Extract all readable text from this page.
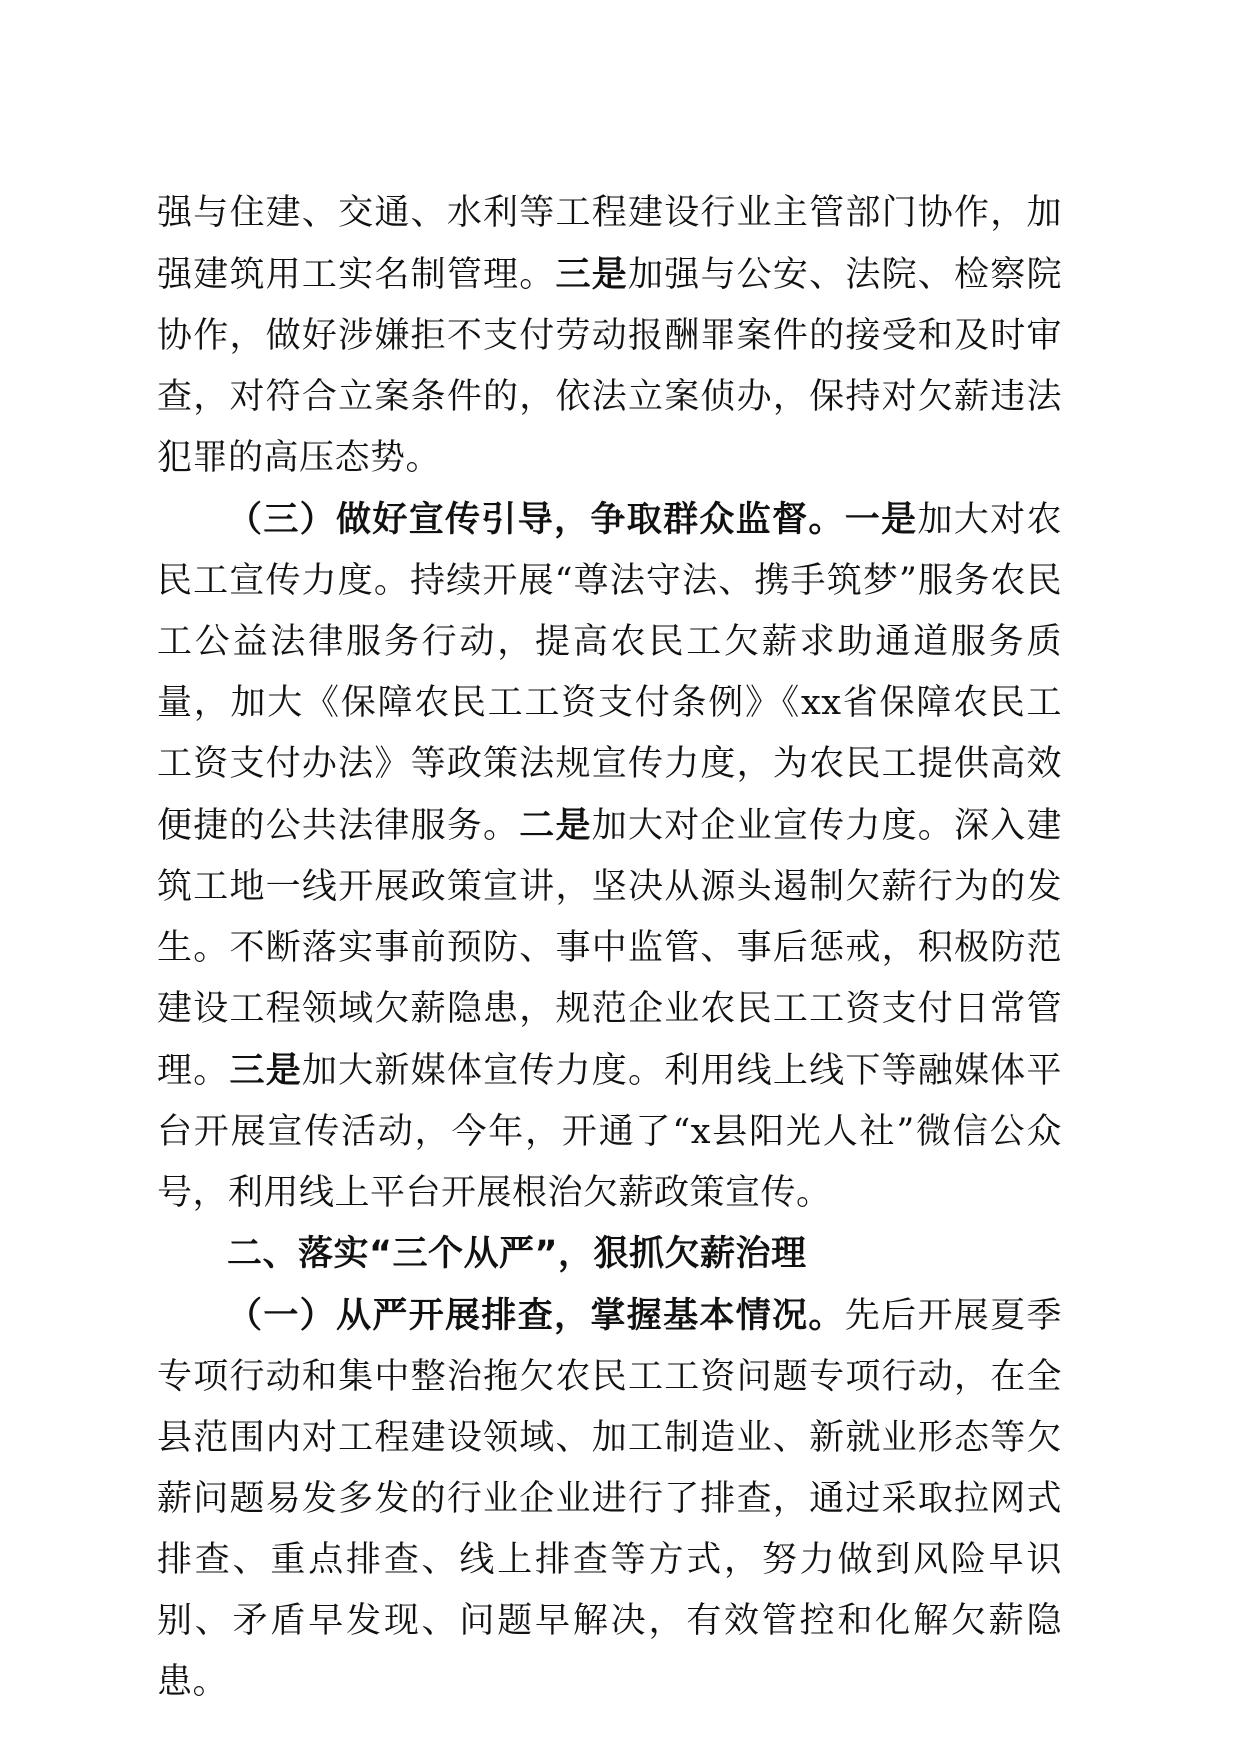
强与住建、交通、水利等工程建设行业主管部门协作，加强建筑用工实名制管理。三是加强与公安、法院、检察院协作，做好涉嫌拒不支付劳动报酬罪案件的接受和及时审查，对符合立案条件的，依法立案侦办，保持对欠薪违法犯罪的高压态势。

（三）做好宣传引导，争取群众监督。一是加大对农民工宣传力度。持续开展“尊法守法、携手筑梦”服务农民工公益法律服务行动，提高农民工欠薪求助通道服务质量，加大《保障农民工工资支付条例》《xx省保障农民工工资支付办法》等政策法规宣传力度，为农民工提供高效便捷的公共法律服务。二是加大对企业宣传力度。深入建筑工地一线开展政策宣讲，坚决从源头遏制欠薪行为的发生。不断落实事前预防、事中监管、事后惩戒，积极防范建设工程领域欠薪隐患，规范企业农民工工资支付日常管理。三是加大新媒体宣传力度。利用线上线下等融媒体平台开展宣传活动，今年，开通了“x县阳光人社”微信公众号，利用线上平台开展根治欠薪政策宣传。

二、落实“三个从严”，狠抓欠薪治理

（一）从严开展排查，掌握基本情况。先后开展夏季专项行动和集中整治拖欠农民工工资问题专项行动，在全县范围内对工程建设领域、加工制造业、新就业形态等欠薪问题易发多发的行业企业进行了排查，通过采取拉网式排查、重点排查、线上排查等方式，努力做到风险早识别、矛盾早发现、问题早解决，有效管控和化解欠薪隐患。
